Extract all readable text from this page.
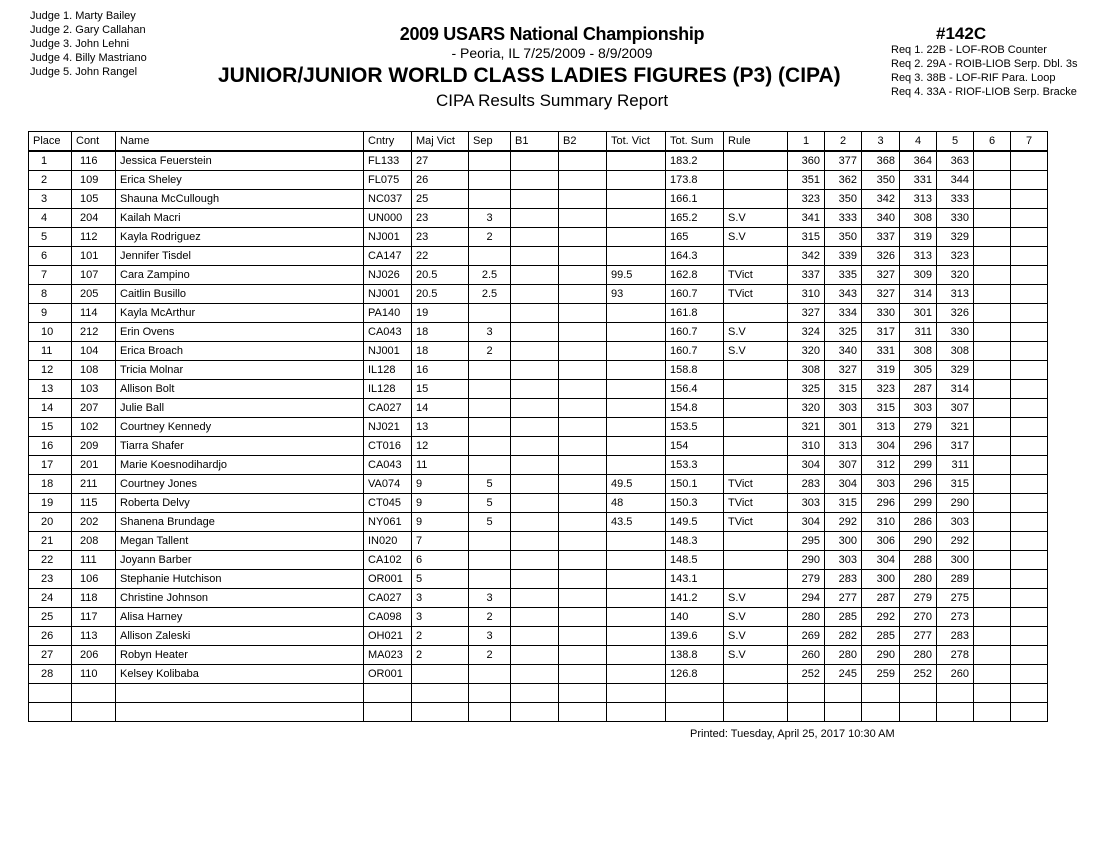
Judge 1. Marty Bailey
Judge 2. Gary Callahan
Judge 3. John Lehni
Judge 4. Billy Mastriano
Judge 5. John Rangel
2009 USARS National Championship
- Peoria, IL 7/25/2009 - 8/9/2009
JUNIOR/JUNIOR WORLD CLASS LADIES FIGURES (P3) (CIPA)
CIPA Results Summary Report
#142C
Req 1. 22B - LOF-ROB Counter
Req 2. 29A - ROIB-LIOB Serp. Dbl. 3s
Req 3. 38B - LOF-RIF Para. Loop
Req 4. 33A - RIOF-LIOB Serp. Bracke
Place	Cont	Name	Cntry	Maj Vict	Sep	B1	B2	Tot. Vict	Tot. Sum	Rule	1	2	3	4	5	6	7
1	116	Jessica Feuerstein	FL133	27					183.2		360	377	368	364	363		
2	109	Erica Sheley	FL075	26					173.8		351	362	350	331	344		
3	105	Shauna McCullough	NC037	25					166.1		323	350	342	313	333		
4	204	Kailah Macri	UN000	23	3				165.2	S.V	341	333	340	308	330		
5	112	Kayla Rodriguez	NJ001	23	2				165	S.V	315	350	337	319	329		
6	101	Jennifer Tisdel	CA147	22					164.3		342	339	326	313	323		
7	107	Cara Zampino	NJ026	20.5	2.5			99.5	162.8	TVict	337	335	327	309	320		
8	205	Caitlin Busillo	NJ001	20.5	2.5			93	160.7	TVict	310	343	327	314	313		
9	114	Kayla McArthur	PA140	19					161.8		327	334	330	301	326		
10	212	Erin Ovens	CA043	18	3				160.7	S.V	324	325	317	311	330		
11	104	Erica Broach	NJ001	18	2				160.7	S.V	320	340	331	308	308		
12	108	Tricia Molnar	IL128	16					158.8		308	327	319	305	329		
13	103	Allison Bolt	IL128	15					156.4		325	315	323	287	314		
14	207	Julie Ball	CA027	14					154.8		320	303	315	303	307		
15	102	Courtney Kennedy	NJ021	13					153.5		321	301	313	279	321		
16	209	Tiarra Shafer	CT016	12					154		310	313	304	296	317		
17	201	Marie Koesnodihardjo	CA043	11					153.3		304	307	312	299	311		
18	211	Courtney Jones	VA074	9	5			49.5	150.1	TVict	283	304	303	296	315		
19	115	Roberta Delvy	CT045	9	5			48	150.3	TVict	303	315	296	299	290		
20	202	Shanena Brundage	NY061	9	5			43.5	149.5	TVict	304	292	310	286	303		
21	208	Megan Tallent	IN020	7					148.3		295	300	306	290	292		
22	111	Joyann Barber	CA102	6					148.5		290	303	304	288	300		
23	106	Stephanie Hutchison	OR001	5					143.1		279	283	300	280	289		
24	118	Christine Johnson	CA027	3	3				141.2	S.V	294	277	287	279	275		
25	117	Alisa Harney	CA098	3	2				140	S.V	280	285	292	270	273		
26	113	Allison Zaleski	OH021	2	3				139.6	S.V	269	282	285	277	283		
27	206	Robyn Heater	MA023	2	2				138.8	S.V	260	280	290	280	278		
28	110	Kelsey Kolibaba	OR001						126.8		252	245	259	252	260		

Printed: Tuesday, April 25, 2017 10:30 AM
